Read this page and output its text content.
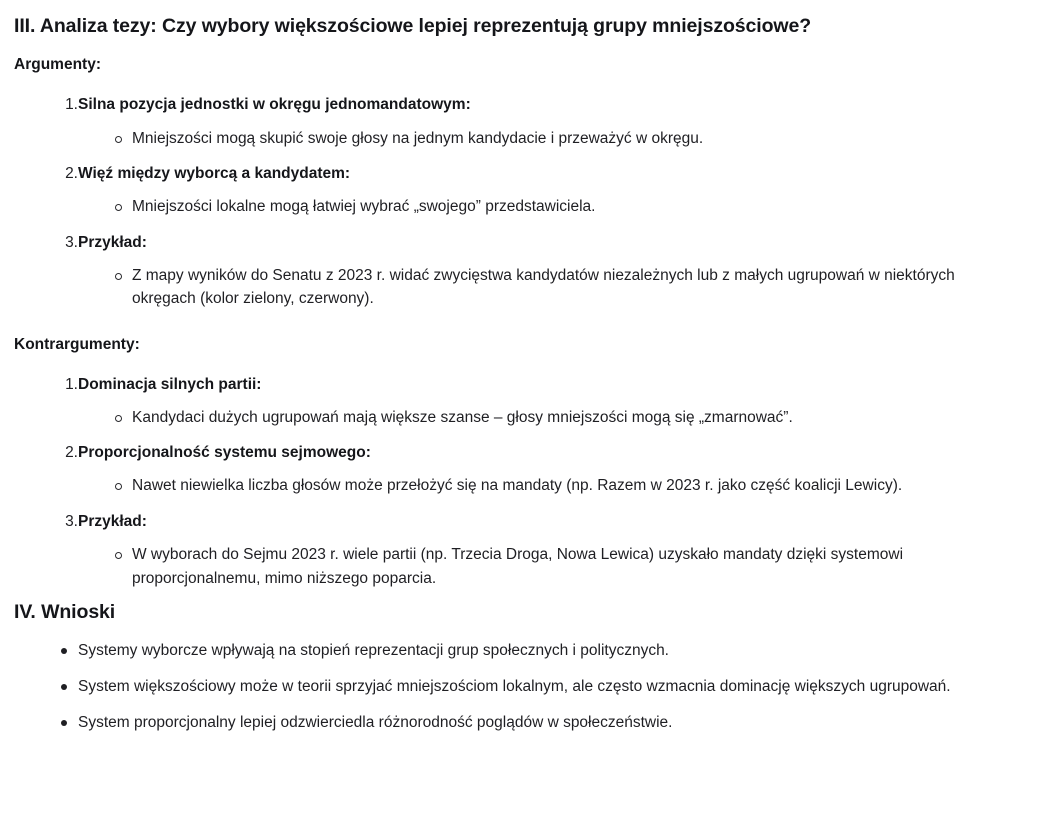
III. Analiza tezy: Czy wybory większościowe lepiej reprezentują grupy mniejszościowe?

Argumenty:

1. Silna pozycja jednostki w okręgu jednomandatowym:

Mniejszości mogą skupić swoje głosy na jednym kandydacie i przeważyć w okręgu.

2. Więź między wyborcą a kandydatem:

Mniejszości lokalne mogą łatwiej wybrać „swojego” przedstawiciela.

3. Przykład:

Z mapy wyników do Senatu z 2023 r. widać zwycięstwa kandydatów niezależnych lub z małych ugrupowań w niektórych okręgach (kolor zielony, czerwony).

Kontrargumenty:

1. Dominacja silnych partii:

Kandydaci dużych ugrupowań mają większe szanse – głosy mniejszości mogą się „zmarnować”.

2. Proporcjonalność systemu sejmowego:

Nawet niewielka liczba głosów może przełożyć się na mandaty (np. Razem w 2023 r. jako część koalicji Lewicy).

3. Przykład:

W wyborach do Sejmu 2023 r. wiele partii (np. Trzecia Droga, Nowa Lewica) uzyskało mandaty dzięki systemowi proporcjonalnemu, mimo niższego poparcia.

IV. Wnioski

Systemy wyborcze wpływają na stopień reprezentacji grup społecznych i politycznych.

System większościowy może w teorii sprzyjać mniejszościom lokalnym, ale często wzmacnia dominację większych ugrupowań.

System proporcjonalny lepiej odzwierciedla różnorodność poglądów w społeczeństwie.
